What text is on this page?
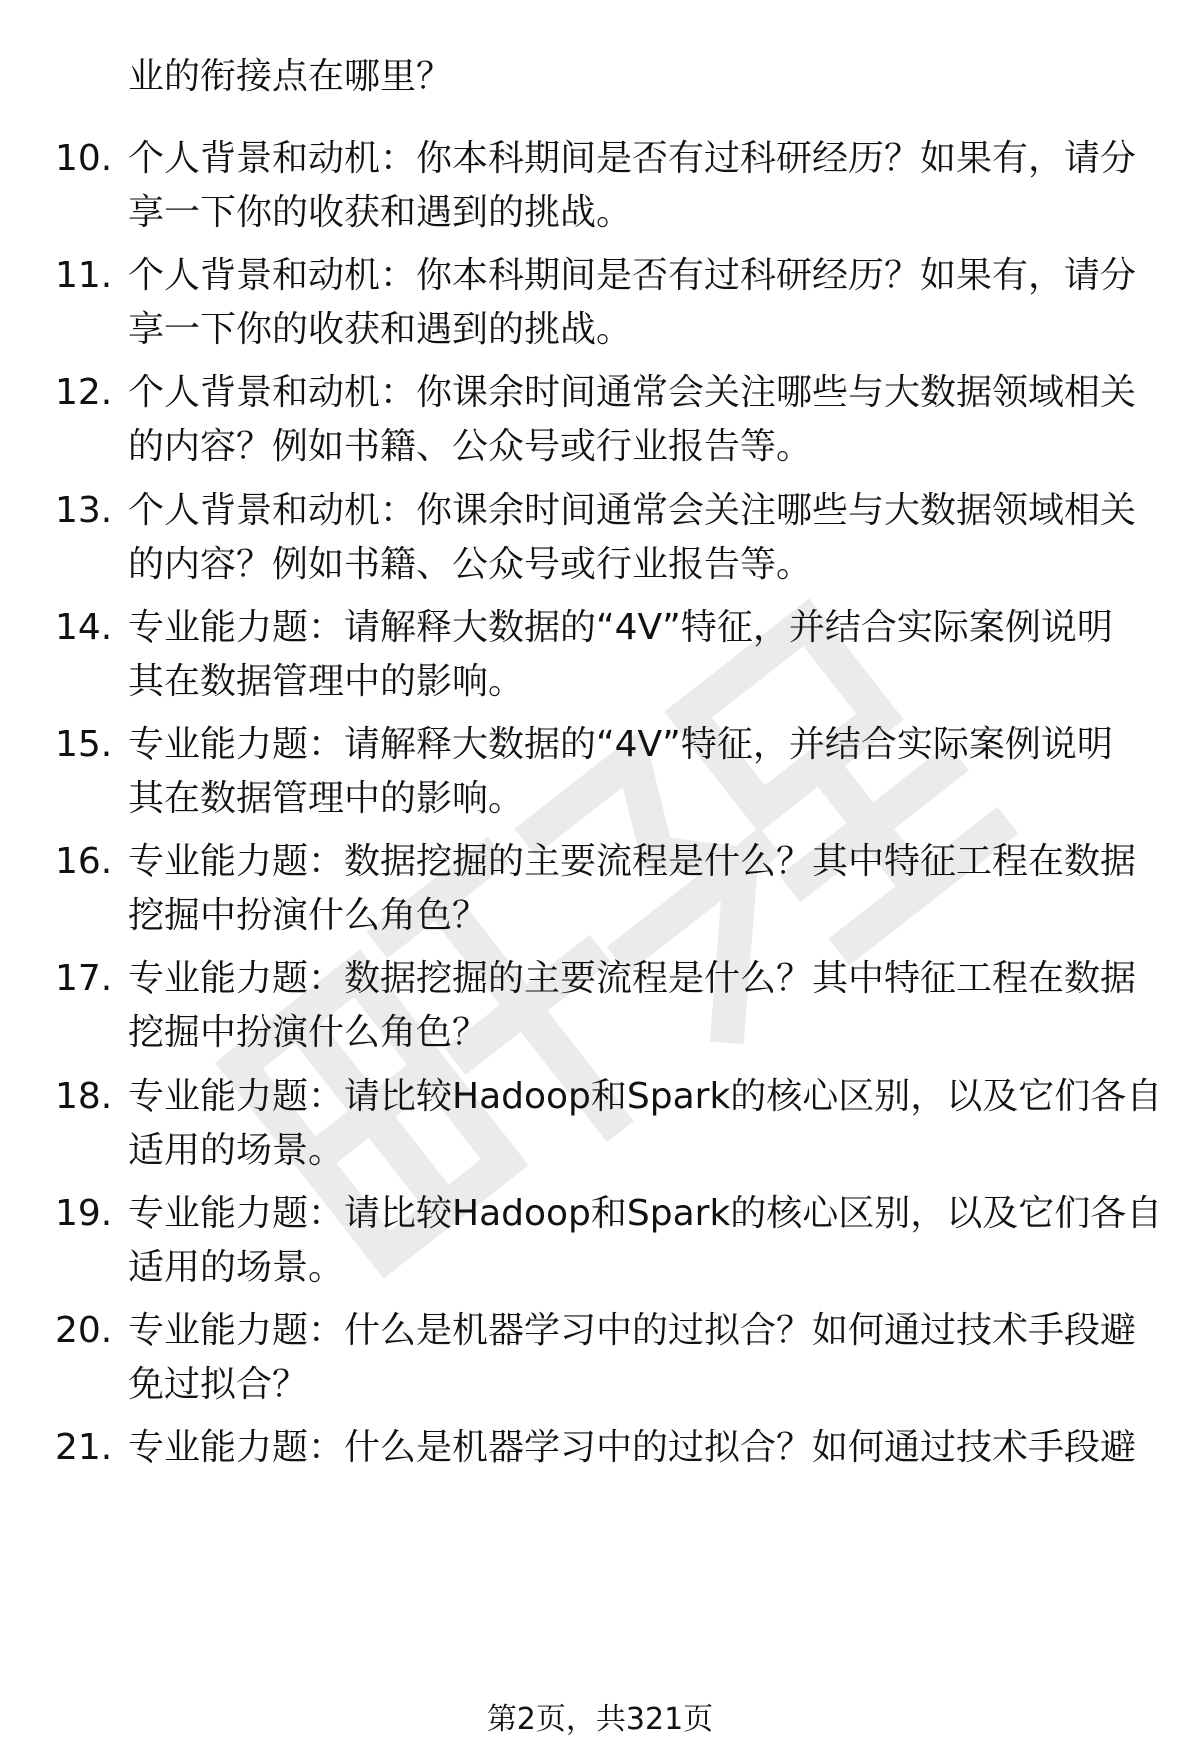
业的衔接点在哪里？
10. 个人背景和动机：你本科期间是否有过科研经历？如果有，请分
享一下你的收获和遇到的挑战。
11. 个人背景和动机：你本科期间是否有过科研经历？如果有，请分
享一下你的收获和遇到的挑战。
12. 个人背景和动机：你课余时间通常会关注哪些与大数据领域相关
的内容？例如书籍、公众号或行业报告等。
13. 个人背景和动机：你课余时间通常会关注哪些与大数据领域相关
的内容？例如书籍、公众号或行业报告等。
14. 专业能力题：请解释大数据的“4V”特征，并结合实际案例说明
其在数据管理中的影响。
15. 专业能力题：请解释大数据的“4V”特征，并结合实际案例说明
其在数据管理中的影响。
16. 专业能力题：数据挖掘的主要流程是什么？其中特征工程在数据
挖掘中扮演什么角色？
17. 专业能力题：数据挖掘的主要流程是什么？其中特征工程在数据
挖掘中扮演什么角色？
18. 专业能力题：请比较Hadoop和Spark的核心区别，以及它们各自
适用的场景。
19. 专业能力题：请比较Hadoop和Spark的核心区别，以及它们各自
适用的场景。
20. 专业能力题：什么是机器学习中的过拟合？如何通过技术手段避
免过拟合？
21. 专业能力题：什么是机器学习中的过拟合？如何通过技术手段避
第2页，共321页
